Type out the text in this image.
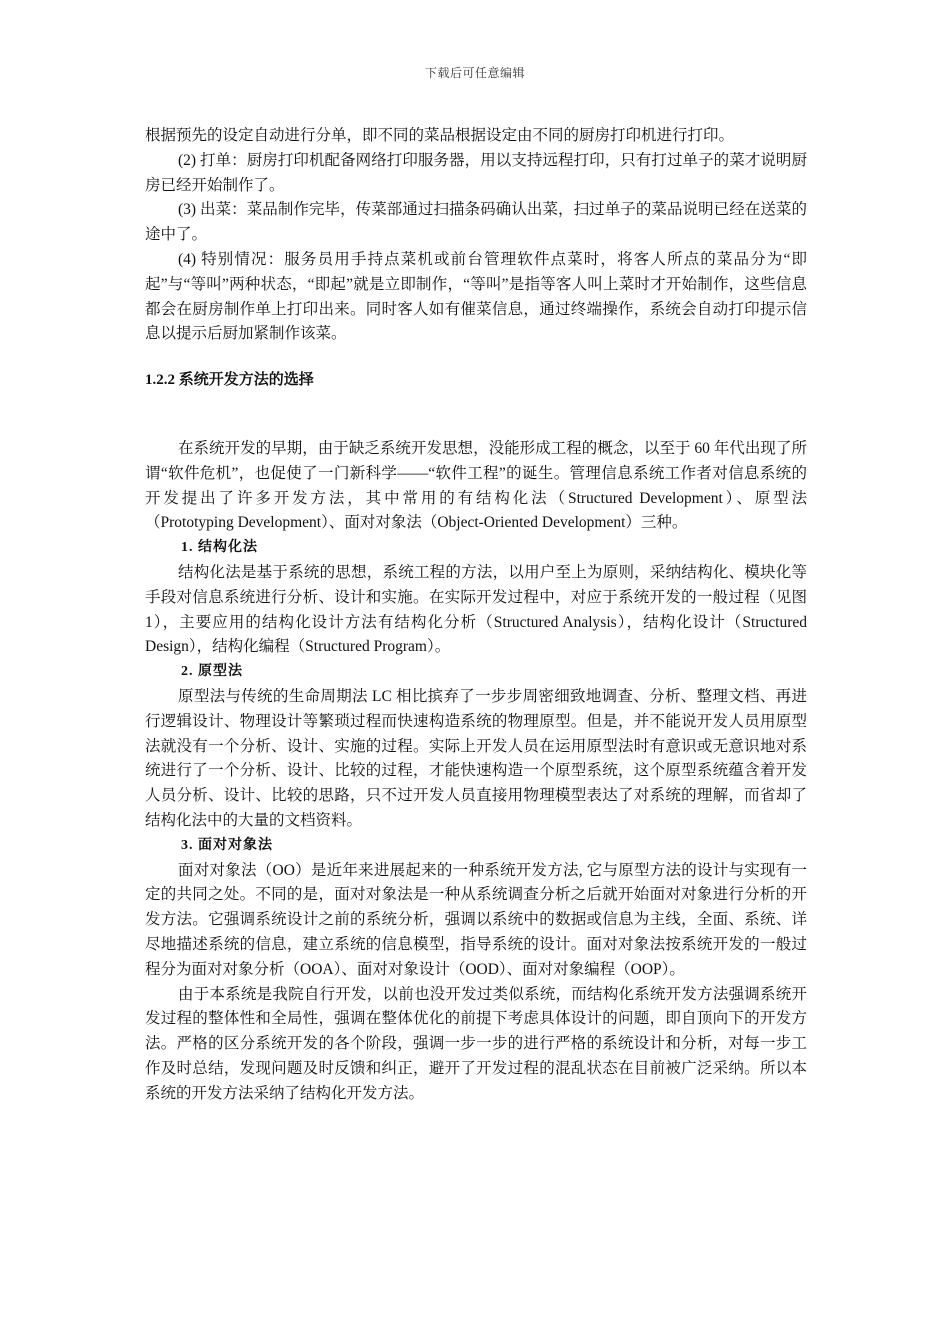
下载后可任意编辑

根据预先的设定自动进行分单，即不同的菜品根据设定由不同的厨房打印机进行打印。

(2) 打单：厨房打印机配备网络打印服务器，用以支持远程打印，只有打过单子的菜才说明厨房已经开始制作了。

(3) 出菜：菜品制作完毕，传菜部通过扫描条码确认出菜，扫过单子的菜品说明已经在送菜的途中了。

(4) 特别情况：服务员用手持点菜机或前台管理软件点菜时，将客人所点的菜品分为“即起”与“等叫”两种状态，“即起”就是立即制作，“等叫”是指等客人叫上菜时才开始制作，这些信息都会在厨房制作单上打印出来。同时客人如有催菜信息，通过终端操作，系统会自动打印提示信息以提示后厨加紧制作该菜。

1.2.2 系统开发方法的选择

在系统开发的早期，由于缺乏系统开发思想，没能形成工程的概念，以至于 60 年代出现了所谓“软件危机”，也促使了一门新科学——“软件工程”的诞生。管理信息系统工作者对信息系统的开发提出了许多开发方法，其中常用的有结构化法（Structured Development）、原型法（Prototyping Development）、面对对象法（Object-Oriented Development）三种。

1. 结构化法

结构化法是基于系统的思想，系统工程的方法，以用户至上为原则，采纳结构化、模块化等手段对信息系统进行分析、设计和实施。在实际开发过程中，对应于系统开发的一般过程（见图 1），主要应用的结构化设计方法有结构化分析（Structured Analysis），结构化设计（Structured Design），结构化编程（Structured Program）。

2. 原型法

原型法与传统的生命周期法 LC 相比摈弃了一步步周密细致地调查、分析、整理文档、再进行逻辑设计、物理设计等繁琐过程而快速构造系统的物理原型。但是，并不能说开发人员用原型法就没有一个分析、设计、实施的过程。实际上开发人员在运用原型法时有意识或无意识地对系统进行了一个分析、设计、比较的过程，才能快速构造一个原型系统，这个原型系统蕴含着开发人员分析、设计、比较的思路，只不过开发人员直接用物理模型表达了对系统的理解，而省却了结构化法中的大量的文档资料。

3. 面对对象法

面对对象法（OO）是近年来进展起来的一种系统开发方法, 它与原型方法的设计与实现有一定的共同之处。不同的是，面对对象法是一种从系统调查分析之后就开始面对对象进行分析的开发方法。它强调系统设计之前的系统分析，强调以系统中的数据或信息为主线，全面、系统、详尽地描述系统的信息，建立系统的信息模型，指导系统的设计。面对对象法按系统开发的一般过程分为面对对象分析（OOA）、面对对象设计（OOD）、面对对象编程（OOP）。

由于本系统是我院自行开发，以前也没开发过类似系统，而结构化系统开发方法强调系统开发过程的整体性和全局性，强调在整体优化的前提下考虑具体设计的问题，即自顶向下的开发方法。严格的区分系统开发的各个阶段，强调一步一步的进行严格的系统设计和分析，对每一步工作及时总结，发现问题及时反馈和纠正，避开了开发过程的混乱状态在目前被广泛采纳。所以本系统的开发方法采纳了结构化开发方法。
